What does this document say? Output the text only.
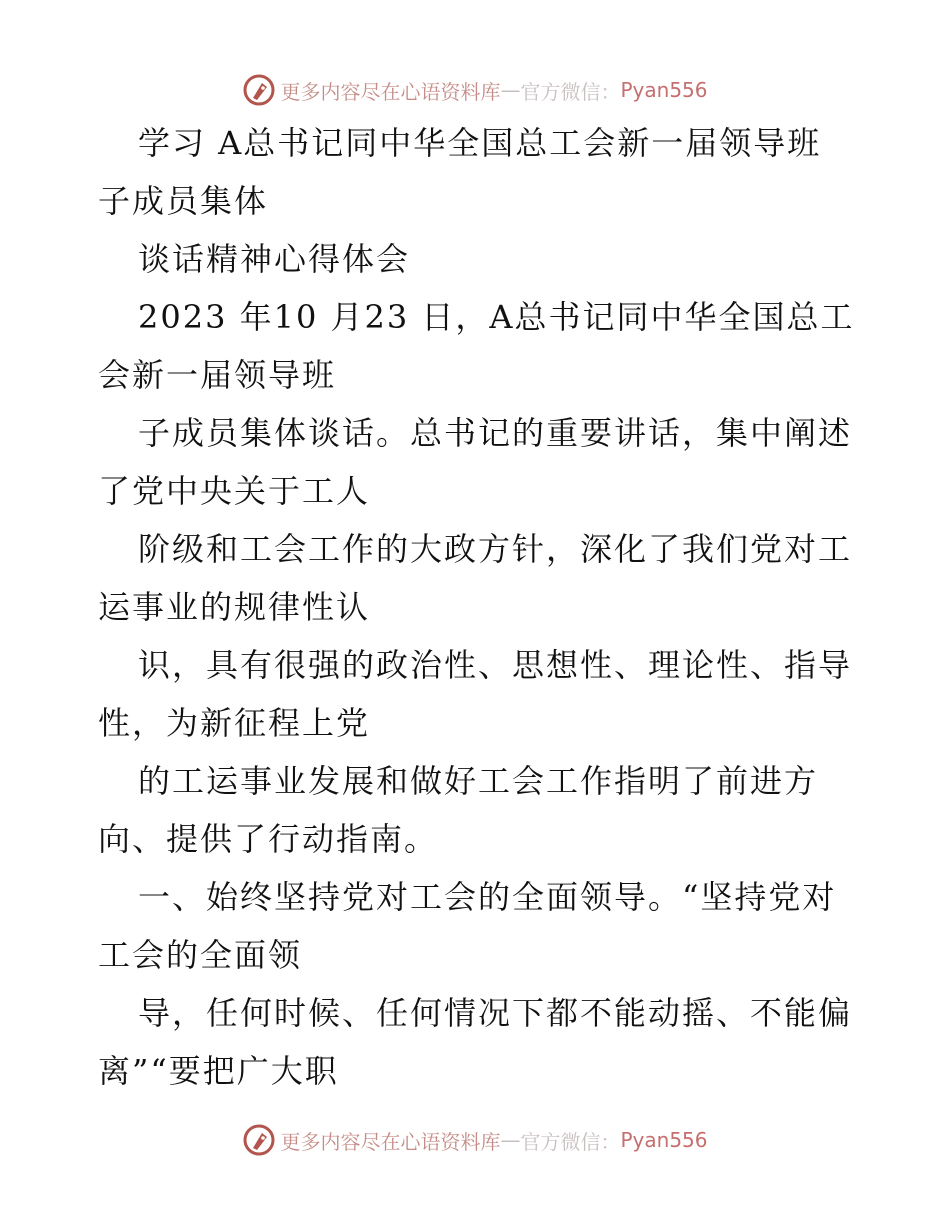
更多内容尽在心语资料库 — 官方微信： Pyan556
学习 A总书记同中华全国总工会新一届领导班
子成员集体
谈话精神心得体会
2023 年10 月23 日，A总书记同中华全国总工
会新一届领导班
子成员集体谈话。总书记的重要讲话，集中阐述
了党中央关于工人
阶级和工会工作的大政方针，深化了我们党对工
运事业的规律性认
识，具有很强的政治性、思想性、理论性、指导
性，为新征程上党
的工运事业发展和做好工会工作指明了前进方
向、提供了行动指南。
一、始终坚持党对工会的全面领导。“坚持党对
工会的全面领
导，任何时候、任何情况下都不能动摇、不能偏
离”“要把广大职
更多内容尽在心语资料库 — 官方微信： Pyan556
